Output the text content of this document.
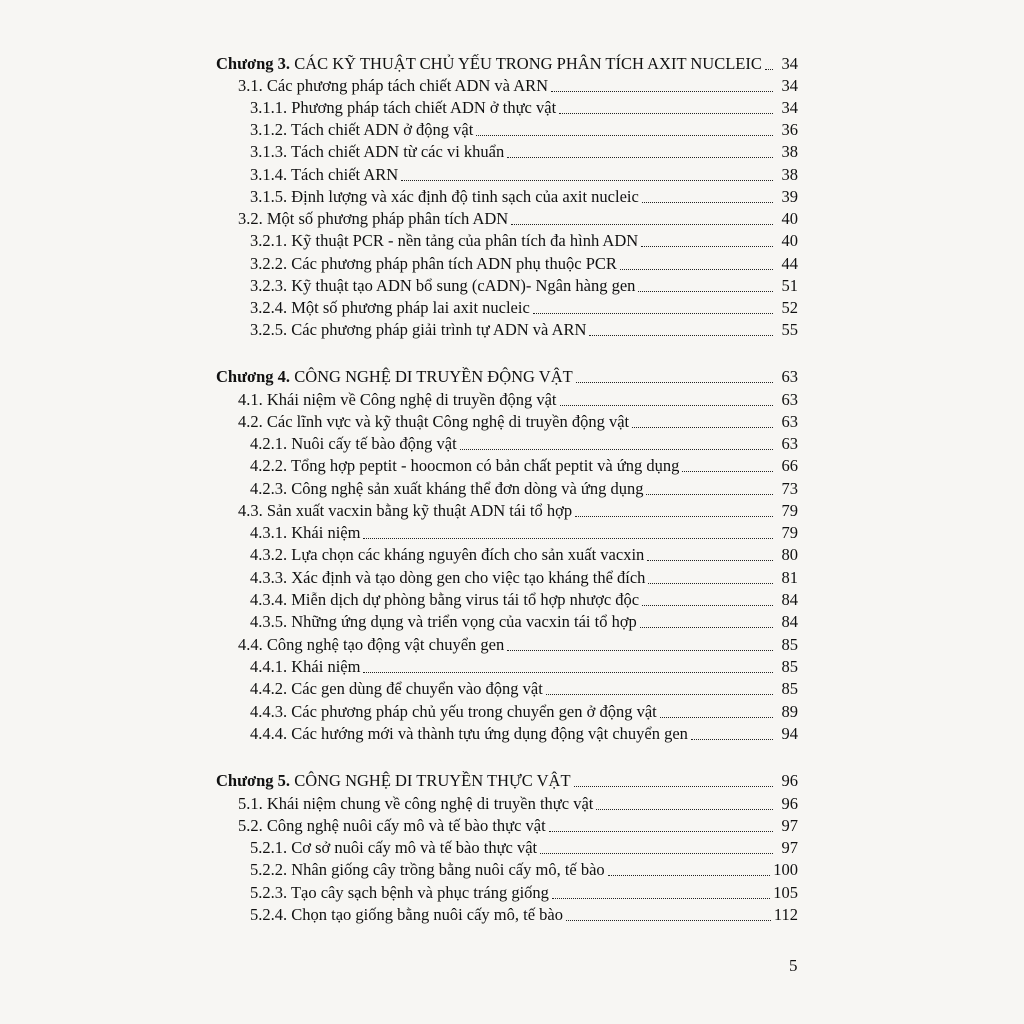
Chương 3. CÁC KỸ THUẬT CHỦ YẾU TRONG PHÂN TÍCH AXIT NUCLEIC	34
3.1. Các phương pháp tách chiết ADN và ARN	34
3.1.1. Phương pháp tách chiết ADN ở thực vật	34
3.1.2. Tách chiết ADN ở động vật	36
3.1.3. Tách chiết ADN từ các vi khuẩn	38
3.1.4. Tách chiết ARN	38
3.1.5. Định lượng và xác định độ tinh sạch của axit nucleic	39
3.2. Một số phương pháp phân tích ADN	40
3.2.1. Kỹ thuật PCR - nền tảng của phân tích đa hình ADN	40
3.2.2. Các phương pháp phân tích ADN phụ thuộc PCR	44
3.2.3. Kỹ thuật tạo ADN bổ sung (cADN)- Ngân hàng gen	51
3.2.4. Một số phương pháp lai axit nucleic	52
3.2.5. Các phương pháp giải trình tự ADN và ARN	55
Chương 4. CÔNG NGHỆ DI TRUYỀN ĐỘNG VẬT	63
4.1. Khái niệm về Công nghệ di truyền động vật	63
4.2. Các lĩnh vực và kỹ thuật Công nghệ di truyền động vật	63
4.2.1. Nuôi cấy tế bào động vật	63
4.2.2. Tổng hợp peptit - hoocmon có bản chất peptit và ứng dụng	66
4.2.3. Công nghệ sản xuất kháng thể đơn dòng và ứng dụng	73
4.3. Sản xuất vacxin bằng kỹ thuật ADN tái tổ hợp	79
4.3.1. Khái niệm	79
4.3.2. Lựa chọn các kháng nguyên đích cho sản xuất vacxin	80
4.3.3. Xác định và tạo dòng gen cho việc tạo kháng thể đích	81
4.3.4. Miễn dịch dự phòng bằng virus tái tổ hợp nhược độc	84
4.3.5. Những ứng dụng và triển vọng của vacxin tái tổ hợp	84
4.4. Công nghệ tạo động vật chuyển gen	85
4.4.1. Khái niệm	85
4.4.2. Các gen dùng để chuyển vào động vật	85
4.4.3. Các phương pháp chủ yếu trong chuyển gen ở động vật	89
4.4.4. Các hướng mới và thành tựu ứng dụng động vật chuyển gen	94
Chương 5. CÔNG NGHỆ DI TRUYỀN THỰC VẬT	96
5.1. Khái niệm chung về công nghệ di truyền thực vật	96
5.2. Công nghệ nuôi cấy mô và tế bào thực vật	97
5.2.1. Cơ sở nuôi cấy mô và tế bào thực vật	97
5.2.2. Nhân giống cây trồng bằng nuôi cấy mô, tế bào	100
5.2.3. Tạo cây sạch bệnh và phục tráng giống	105
5.2.4. Chọn tạo giống bằng nuôi cấy mô, tế bào	112
5
